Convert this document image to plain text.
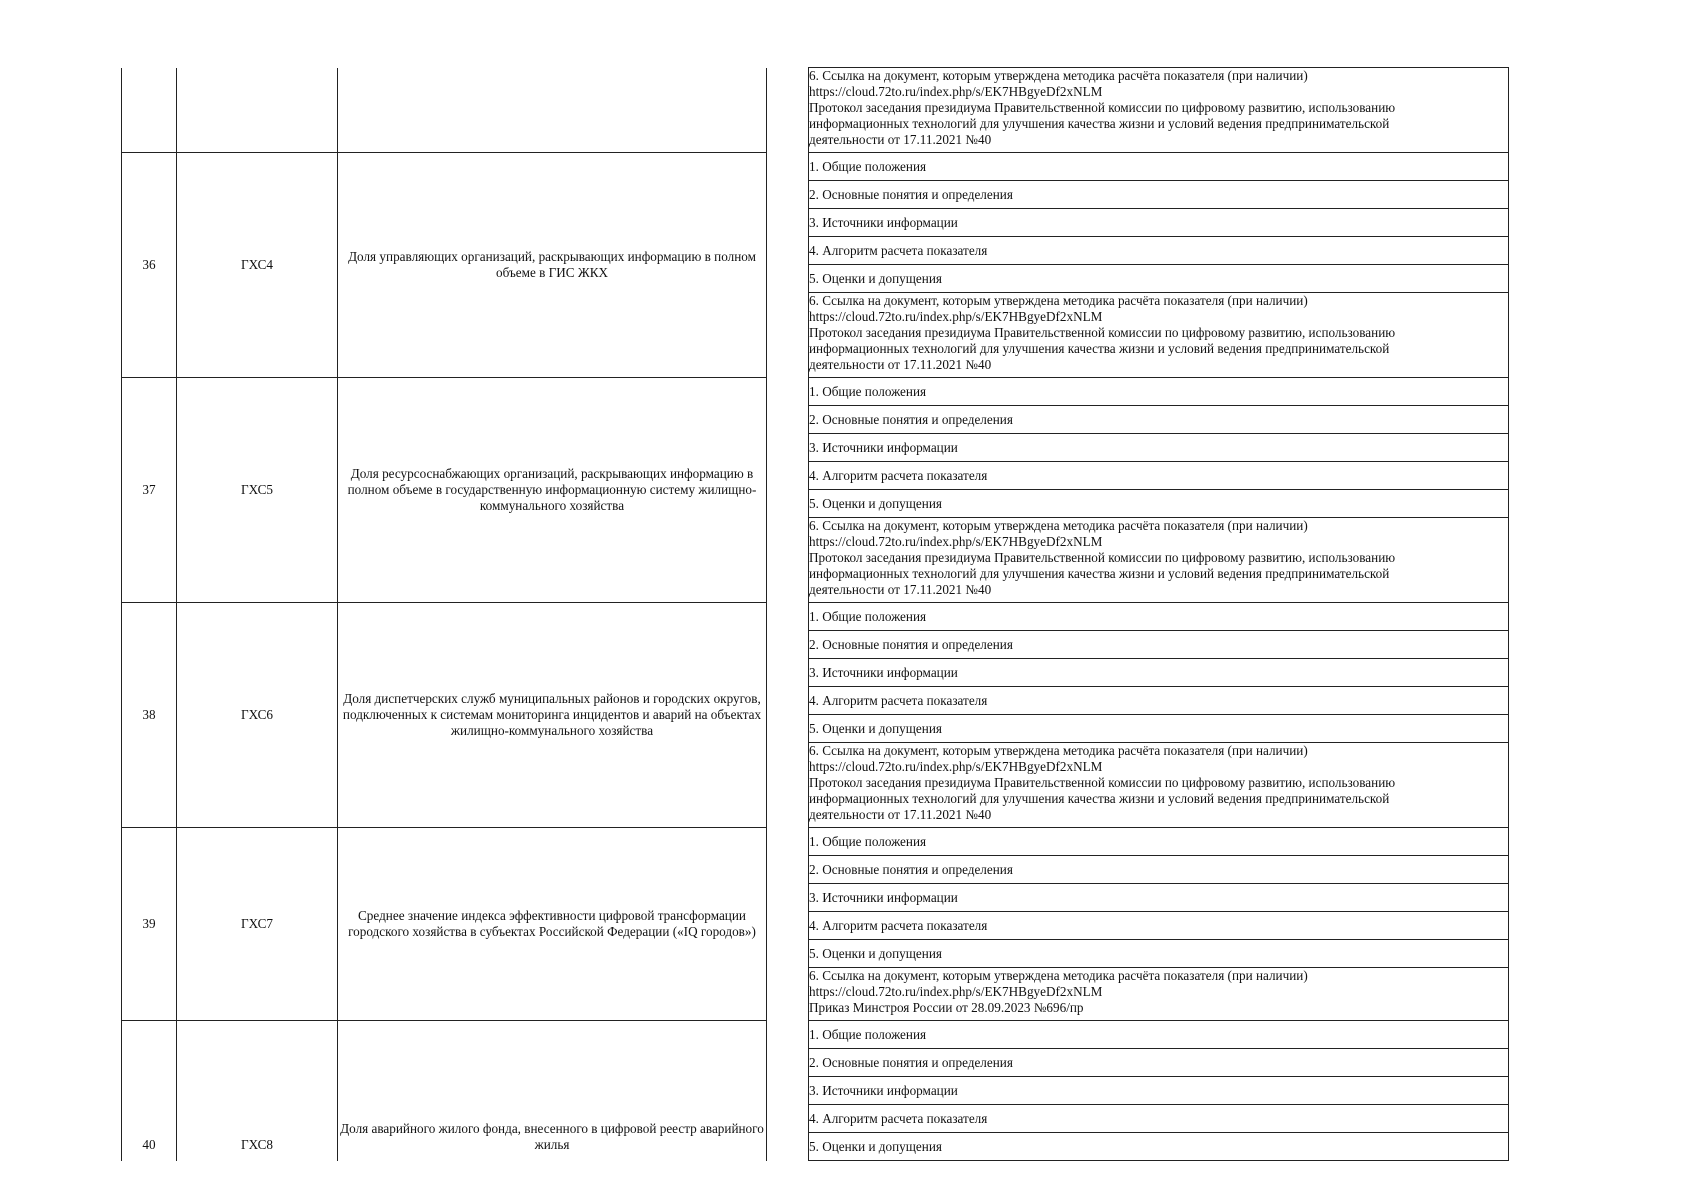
				6. Ссылка на документ, которым утверждена методика расчёта показателя (при наличии)
https://cloud.72to.ru/index.php/s/EK7HBgyeDf2xNLM
Протокол заседания президиума Правительственной комиссии по цифровому развитию, использованию
информационных технологий для улучшения качества жизни и условий ведения предпринимательской
деятельности от 17.11.2021 №40

36	ГХС4	Доля управляющих организаций, раскрывающих информацию в полном объеме в ГИС ЖКХ		1. Общие положения
				2. Основные понятия и определения
				3. Источники информации
				4. Алгоритм расчета показателя
				5. Оценки и допущения

				6. Ссылка на документ, которым утверждена методика расчёта показателя (при наличии)
https://cloud.72to.ru/index.php/s/EK7HBgyeDf2xNLM
Протокол заседания президиума Правительственной комиссии по цифровому развитию, использованию
информационных технологий для улучшения качества жизни и условий ведения предпринимательской
деятельности от 17.11.2021 №40

37	ГХС5	Доля ресурсоснабжающих организаций, раскрывающих информацию в полном объеме в государственную информационную систему жилищно-коммунального хозяйства		1. Общие положения
				2. Основные понятия и определения
				3. Источники информации
				4. Алгоритм расчета показателя
				5. Оценки и допущения

				6. Ссылка на документ, которым утверждена методика расчёта показателя (при наличии)
https://cloud.72to.ru/index.php/s/EK7HBgyeDf2xNLM
Протокол заседания президиума Правительственной комиссии по цифровому развитию, использованию
информационных технологий для улучшения качества жизни и условий ведения предпринимательской
деятельности от 17.11.2021 №40

38	ГХС6	Доля диспетчерских служб муниципальных районов и городских округов, подключенных к системам мониторинга инцидентов и аварий на объектах жилищно-коммунального хозяйства		1. Общие положения
				2. Основные понятия и определения
				3. Источники информации
				4. Алгоритм расчета показателя
				5. Оценки и допущения

				6. Ссылка на документ, которым утверждена методика расчёта показателя (при наличии)
https://cloud.72to.ru/index.php/s/EK7HBgyeDf2xNLM
Протокол заседания президиума Правительственной комиссии по цифровому развитию, использованию
информационных технологий для улучшения качества жизни и условий ведения предпринимательской
деятельности от 17.11.2021 №40

39	ГХС7	Среднее значение индекса эффективности цифровой трансформации городского хозяйства в субъектах Российской Федерации («IQ городов»)		1. Общие положения
				2. Основные понятия и определения
				3. Источники информации
				4. Алгоритм расчета показателя
				5. Оценки и допущения

				6. Ссылка на документ, которым утверждена методика расчёта показателя (при наличии)
https://cloud.72to.ru/index.php/s/EK7HBgyeDf2xNLM
Приказ Минстроя России от 28.09.2023 №696/пр

40	ГХС8	Доля аварийного жилого фонда, внесенного в цифровой реестр аварийного жилья		1. Общие положения
				2. Основные понятия и определения
				3. Источники информации
				4. Алгоритм расчета показателя
				5. Оценки и допущения
